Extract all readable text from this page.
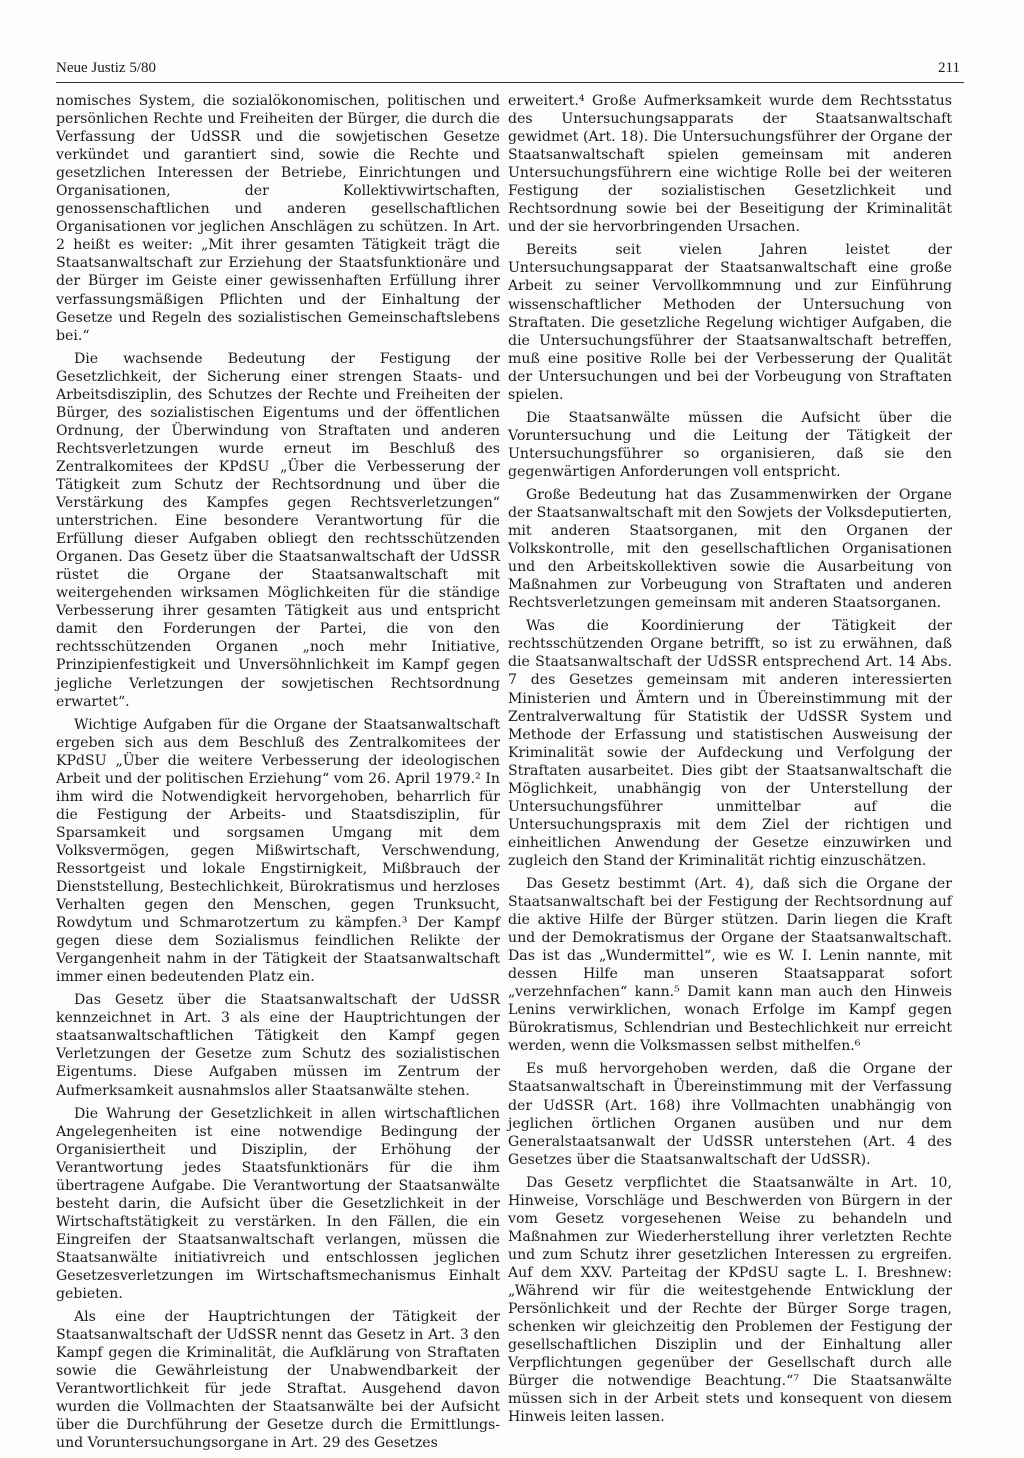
Neue Justiz 5/80	211

nomisches System, die sozialökonomischen, politischen und persönlichen Rechte und Freiheiten der Bürger, die durch die Verfassung der UdSSR und die sowjetischen Gesetze verkündet und garantiert sind, sowie die Rechte und gesetzlichen Interessen der Betriebe, Einrichtungen und Organisationen, der Kollektivwirtschaften, genossenschaftlichen und anderen gesellschaftlichen Organisationen vor jeglichen Anschlägen zu schützen. In Art. 2 heißt es weiter: „Mit ihrer gesamten Tätigkeit trägt die Staatsanwaltschaft zur Erziehung der Staatsfunktionäre und der Bürger im Geiste einer gewissenhaften Erfüllung ihrer verfassungsmäßigen Pflichten und der Einhaltung der Gesetze und Regeln des sozialistischen Gemeinschaftslebens bei.“

Die wachsende Bedeutung der Festigung der Gesetzlichkeit, der Sicherung einer strengen Staats- und Arbeitsdisziplin, des Schutzes der Rechte und Freiheiten der Bürger, des sozialistischen Eigentums und der öffentlichen Ordnung, der Überwindung von Straftaten und anderen Rechtsverletzungen wurde erneut im Beschluß des Zentralkomitees der KPdSU „Über die Verbesserung der Tätigkeit zum Schutz der Rechtsordnung und über die Verstärkung des Kampfes gegen Rechtsverletzungen“ unterstrichen. Eine besondere Verantwortung für die Erfüllung dieser Aufgaben obliegt den rechtsschützenden Organen. Das Gesetz über die Staatsanwaltschaft der UdSSR rüstet die Organe der Staatsanwaltschaft mit weitergehenden wirksamen Möglichkeiten für die ständige Verbesserung ihrer gesamten Tätigkeit aus und entspricht damit den Forderungen der Partei, die von den rechtsschützenden Organen „noch mehr Initiative, Prinzipienfestigkeit und Unversöhnlichkeit im Kampf gegen jegliche Verletzungen der sowjetischen Rechtsordnung erwartet“.

Wichtige Aufgaben für die Organe der Staatsanwaltschaft ergeben sich aus dem Beschluß des Zentralkomitees der KPdSU „Über die weitere Verbesserung der ideologischen Arbeit und der politischen Erziehung“ vom 26. April 1979.² In ihm wird die Notwendigkeit hervorgehoben, beharrlich für die Festigung der Arbeits- und Staatsdisziplin, für Sparsamkeit und sorgsamen Umgang mit dem Volksvermögen, gegen Mißwirtschaft, Verschwendung, Ressortgeist und lokale Engstirnigkeit, Mißbrauch der Dienststellung, Bestechlichkeit, Bürokratismus und herzloses Verhalten gegen den Menschen, gegen Trunksucht, Rowdytum und Schmarotzertum zu kämpfen.³ Der Kampf gegen diese dem Sozialismus feindlichen Relikte der Vergangenheit nahm in der Tätigkeit der Staatsanwaltschaft immer einen bedeutenden Platz ein.

Das Gesetz über die Staatsanwaltschaft der UdSSR kennzeichnet in Art. 3 als eine der Hauptrichtungen der staatsanwaltschaftlichen Tätigkeit den Kampf gegen Verletzungen der Gesetze zum Schutz des sozialistischen Eigentums. Diese Aufgaben müssen im Zentrum der Aufmerksamkeit ausnahmslos aller Staatsanwälte stehen.

Die Wahrung der Gesetzlichkeit in allen wirtschaftlichen Angelegenheiten ist eine notwendige Bedingung der Organisiertheit und Disziplin, der Erhöhung der Verantwortung jedes Staatsfunktionärs für die ihm übertragene Aufgabe. Die Verantwortung der Staatsanwälte besteht darin, die Aufsicht über die Gesetzlichkeit in der Wirtschaftstätigkeit zu verstärken. In den Fällen, die ein Eingreifen der Staatsanwaltschaft verlangen, müssen die Staatsanwälte initiativreich und entschlossen jeglichen Gesetzesverletzungen im Wirtschaftsmechanismus Einhalt gebieten.

Als eine der Hauptrichtungen der Tätigkeit der Staatsanwaltschaft der UdSSR nennt das Gesetz in Art. 3 den Kampf gegen die Kriminalität, die Aufklärung von Straftaten sowie die Gewährleistung der Unabwendbarkeit der Verantwortlichkeit für jede Straftat. Ausgehend davon wurden die Vollmachten der Staatsanwälte bei der Aufsicht über die Durchführung der Gesetze durch die Ermittlungs- und Voruntersuchungsorgane in Art. 29 des Gesetzes

erweitert.⁴ Große Aufmerksamkeit wurde dem Rechtsstatus des Untersuchungsapparats der Staatsanwaltschaft gewidmet (Art. 18). Die Untersuchungsführer der Organe der Staatsanwaltschaft spielen gemeinsam mit anderen Untersuchungsführern eine wichtige Rolle bei der weiteren Festigung der sozialistischen Gesetzlichkeit und Rechtsordnung sowie bei der Beseitigung der Kriminalität und der sie hervorbringenden Ursachen.

Bereits seit vielen Jahren leistet der Untersuchungsapparat der Staatsanwaltschaft eine große Arbeit zu seiner Vervollkommnung und zur Einführung wissenschaftlicher Methoden der Untersuchung von Straftaten. Die gesetzliche Regelung wichtiger Aufgaben, die die Untersuchungsführer der Staatsanwaltschaft betreffen, muß eine positive Rolle bei der Verbesserung der Qualität der Untersuchungen und bei der Vorbeugung von Straftaten spielen.

Die Staatsanwälte müssen die Aufsicht über die Voruntersuchung und die Leitung der Tätigkeit der Untersuchungsführer so organisieren, daß sie den gegenwärtigen Anforderungen voll entspricht.

Große Bedeutung hat das Zusammenwirken der Organe der Staatsanwaltschaft mit den Sowjets der Volksdeputierten, mit anderen Staatsorganen, mit den Organen der Volkskontrolle, mit den gesellschaftlichen Organisationen und den Arbeitskollektiven sowie die Ausarbeitung von Maßnahmen zur Vorbeugung von Straftaten und anderen Rechtsverletzungen gemeinsam mit anderen Staatsorganen.

Was die Koordinierung der Tätigkeit der rechtsschützenden Organe betrifft, so ist zu erwähnen, daß die Staatsanwaltschaft der UdSSR entsprechend Art. 14 Abs. 7 des Gesetzes gemeinsam mit anderen interessierten Ministerien und Ämtern und in Übereinstimmung mit der Zentralverwaltung für Statistik der UdSSR System und Methode der Erfassung und statistischen Ausweisung der Kriminalität sowie der Aufdeckung und Verfolgung der Straftaten ausarbeitet. Dies gibt der Staatsanwaltschaft die Möglichkeit, unabhängig von der Unterstellung der Untersuchungsführer unmittelbar auf die Untersuchungspraxis mit dem Ziel der richtigen und einheitlichen Anwendung der Gesetze einzuwirken und zugleich den Stand der Kriminalität richtig einzuschätzen.

Das Gesetz bestimmt (Art. 4), daß sich die Organe der Staatsanwaltschaft bei der Festigung der Rechtsordnung auf die aktive Hilfe der Bürger stützen. Darin liegen die Kraft und der Demokratismus der Organe der Staatsanwaltschaft. Das ist das „Wundermittel“, wie es W. I. Lenin nannte, mit dessen Hilfe man unseren Staatsapparat sofort „verzehnfachen“ kann.⁵ Damit kann man auch den Hinweis Lenins verwirklichen, wonach Erfolge im Kampf gegen Bürokratismus, Schlendrian und Bestechlichkeit nur erreicht werden, wenn die Volksmassen selbst mithelfen.⁶

Es muß hervorgehoben werden, daß die Organe der Staatsanwaltschaft in Übereinstimmung mit der Verfassung der UdSSR (Art. 168) ihre Vollmachten unabhängig von jeglichen örtlichen Organen ausüben und nur dem Generalstaatsanwalt der UdSSR unterstehen (Art. 4 des Gesetzes über die Staatsanwaltschaft der UdSSR).

Das Gesetz verpflichtet die Staatsanwälte in Art. 10, Hinweise, Vorschläge und Beschwerden von Bürgern in der vom Gesetz vorgesehenen Weise zu behandeln und Maßnahmen zur Wiederherstellung ihrer verletzten Rechte und zum Schutz ihrer gesetzlichen Interessen zu ergreifen. Auf dem XXV. Parteitag der KPdSU sagte L. I. Breshnew: „Während wir für die weitestgehende Entwicklung der Persönlichkeit und der Rechte der Bürger Sorge tragen, schenken wir gleichzeitig den Problemen der Festigung der gesellschaftlichen Disziplin und der Einhaltung aller Verpflichtungen gegenüber der Gesellschaft durch alle Bürger die notwendige Beachtung.“⁷ Die Staatsanwälte müssen sich in der Arbeit stets und konsequent von diesem Hinweis leiten lassen.
